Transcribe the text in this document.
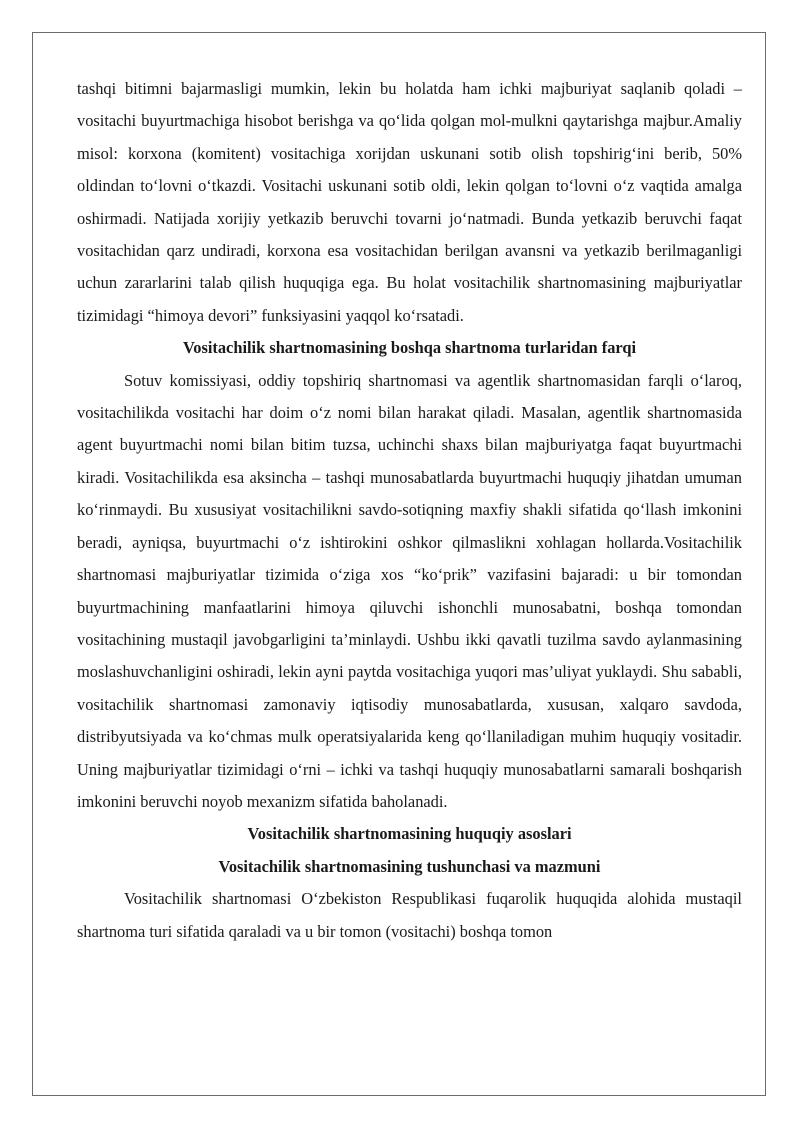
tashqi bitimni bajarmasligi mumkin, lekin bu holatda ham ichki majburiyat saqlanib qoladi – vositachi buyurtmachiga hisobot berishga va qo‘lida qolgan mol-mulkni qaytarishga majbur.Amaliy misol: korxona (komitent) vositachiga xorijdan uskunani sotib olish topshirig‘ini berib, 50% oldindan to‘lovni o‘tkazdi. Vositachi uskunani sotib oldi, lekin qolgan to‘lovni o‘z vaqtida amalga oshirmadi. Natijada xorijiy yetkazib beruvchi tovarni jo‘natmadi. Bunda yetkazib beruvchi faqat vositachidan qarz undiradi, korxona esa vositachidan berilgan avansni va yetkazib berilmaganligi uchun zararlarini talab qilish huquqiga ega. Bu holat vositachilik shartnomasining majburiyatlar tizimidagi “himoya devori” funksiyasini yaqqol ko‘rsatadi.

Vositachilik shartnomasining boshqa shartnoma turlaridan farqi

Sotuv komissiyasi, oddiy topshiriq shartnomasi va agentlik shartnomasidan farqli o‘laroq, vositachilikda vositachi har doim o‘z nomi bilan harakat qiladi. Masalan, agentlik shartnomasida agent buyurtmachi nomi bilan bitim tuzsa, uchinchi shaxs bilan majburiyatga faqat buyurtmachi kiradi. Vositachilikda esa aksincha – tashqi munosabatlarda buyurtmachi huquqiy jihatdan umuman ko‘rinmaydi. Bu xususiyat vositachilikni savdo-sotiqning maxfiy shakli sifatida qo‘llash imkonini beradi, ayniqsa, buyurtmachi o‘z ishtirokini oshkor qilmaslikni xohlagan hollarda.Vositachilik shartnomasi majburiyatlar tizimida o‘ziga xos “ko‘prik” vazifasini bajaradi: u bir tomondan buyurtmachining manfaatlarini himoya qiluvchi ishonchli munosabatni, boshqa tomondan vositachining mustaqil javobgarligini ta’minlaydi. Ushbu ikki qavatli tuzilma savdo aylanmasining moslashuvchanligini oshiradi, lekin ayni paytda vositachiga yuqori mas’uliyat yuklaydi. Shu sababli, vositachilik shartnomasi zamonaviy iqtisodiy munosabatlarda, xususan, xalqaro savdoda, distribyutsiyada va ko‘chmas mulk operatsiyalarida keng qo‘llaniladigan muhim huquqiy vositadir. Uning majburiyatlar tizimidagi o‘rni – ichki va tashqi huquqiy munosabatlarni samarali boshqarish imkonini beruvchi noyob mexanizm sifatida baholanadi.

Vositachilik shartnomasining huquqiy asoslari
Vositachilik shartnomasining tushunchasi va mazmuni

Vositachilik shartnomasi O‘zbekiston Respublikasi fuqarolik huquqida alohida mustaqil shartnoma turi sifatida qaraladi va u bir tomon (vositachi) boshqa tomon
